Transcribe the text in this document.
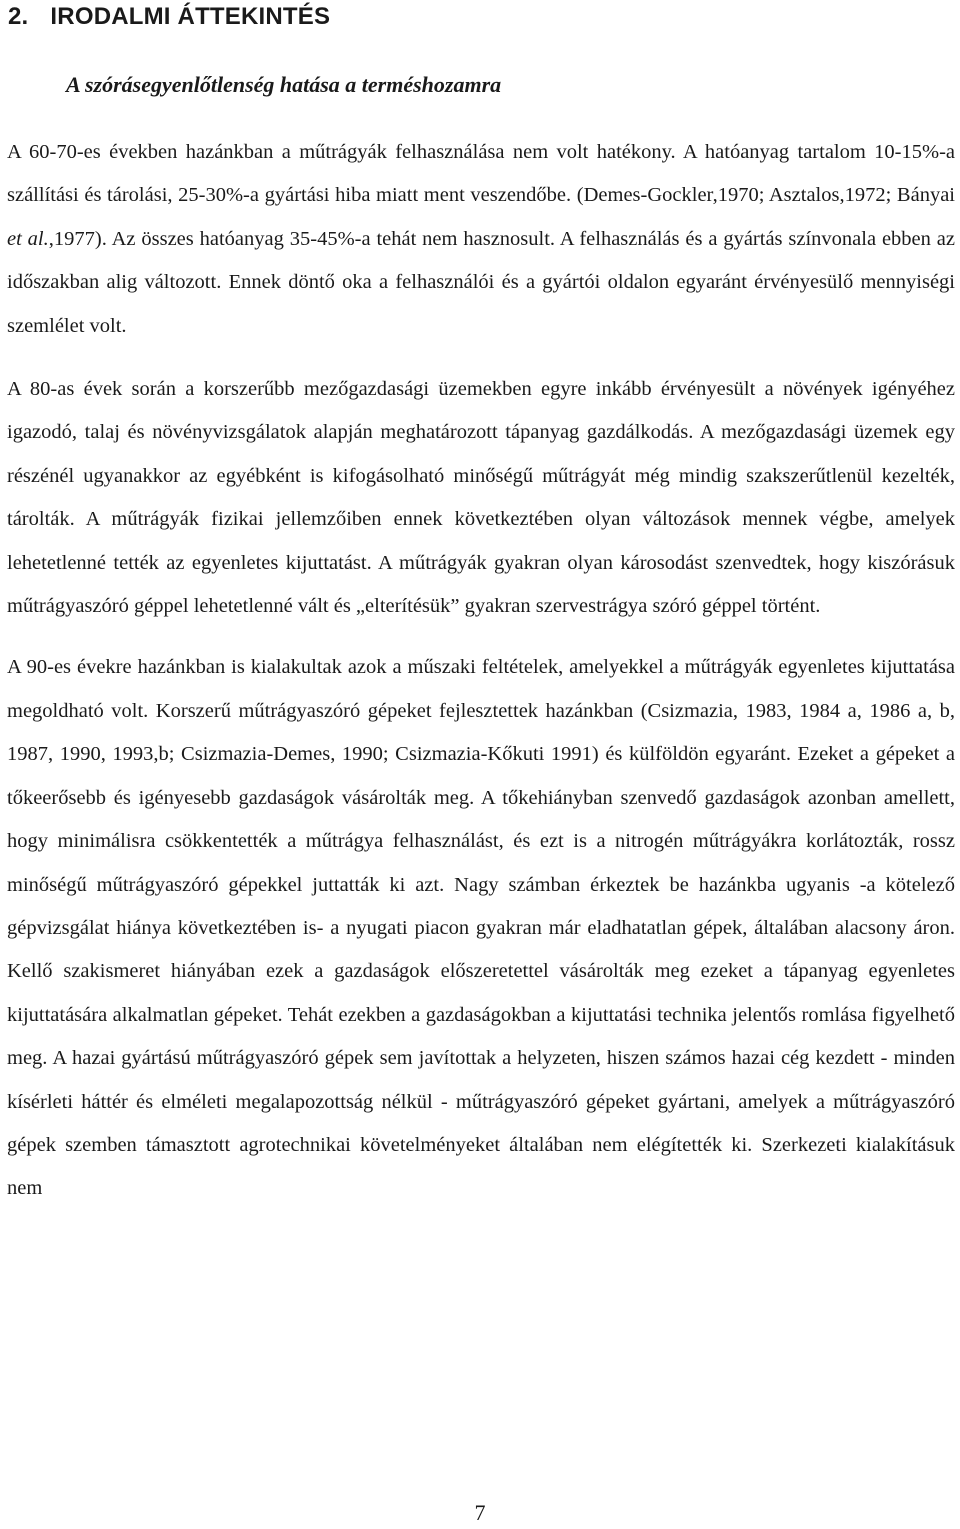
2. IRODALMI ÁTTEKINTÉS
A szórásegyenlőtlenség hatása a terméshozamra

A 60-70-es években hazánkban a műtrágyák felhasználása nem volt hatékony. A hatóanyag tartalom 10-15%-a szállítási és tárolási, 25-30%-a gyártási hiba miatt ment veszendőbe. (Demes-Gockler,1970; Asztalos,1972; Bányai et al.,1977). Az összes hatóanyag 35-45%-a tehát nem hasznosult. A felhasználás és a gyártás színvonala ebben az időszakban alig változott. Ennek döntő oka a felhasználói és a gyártói oldalon egyaránt érvényesülő mennyiségi szemlélet volt.

A 80-as évek során a korszerűbb mezőgazdasági üzemekben egyre inkább érvényesült a növények igényéhez igazodó, talaj és növényvizsgálatok alapján meghatározott tápanyag gazdálkodás. A mezőgazdasági üzemek egy részénél ugyanakkor az egyébként is kifogásolható minőségű műtrágyát még mindig szakszerűtlenül kezelték, tárolták. A műtrágyák fizikai jellemzőiben ennek következtében olyan változások mennek végbe, amelyek lehetetlenné tették az egyenletes kijuttatást. A műtrágyák gyakran olyan károsodást szenvedtek, hogy kiszórásuk műtrágyaszóró géppel lehetetlenné vált és „elterítésük” gyakran szervestrágya szóró géppel történt.

A 90-es évekre hazánkban is kialakultak azok a műszaki feltételek, amelyekkel a műtrágyák egyenletes kijuttatása megoldható volt. Korszerű műtrágyaszóró gépeket fejlesztettek hazánkban (Csizmazia, 1983, 1984 a, 1986 a, b, 1987, 1990, 1993,b; Csizmazia-Demes, 1990; Csizmazia-Kőkuti 1991) és külföldön egyaránt. Ezeket a gépeket a tőkeerősebb és igényesebb gazdaságok vásárolták meg. A tőkehiányban szenvedő gazdaságok azonban amellett, hogy minimálisra csökkentették a műtrágya felhasználást, és ezt is a nitrogén műtrágyákra korlátozták, rossz minőségű műtrágyaszóró gépekkel juttatták ki azt. Nagy számban érkeztek be hazánkba ugyanis -a kötelező gépvizsgálat hiánya következtében is- a nyugati piacon gyakran már eladhatatlan gépek, általában alacsony áron. Kellő szakismeret hiányában ezek a gazdaságok előszeretettel vásárolták meg ezeket a tápanyag egyenletes kijuttatására alkalmatlan gépeket. Tehát ezekben a gazdaságokban a kijuttatási technika jelentős romlása figyelhető meg. A hazai gyártású műtrágyaszóró gépek sem javítottak a helyzeten, hiszen számos hazai cég kezdett - minden kísérleti háttér és elméleti megalapozottság nélkül - műtrágyaszóró gépeket gyártani, amelyek a műtrágyaszóró gépek szemben támasztott agrotechnikai követelményeket általában nem elégítették ki. Szerkezeti kialakításuk nem

7
